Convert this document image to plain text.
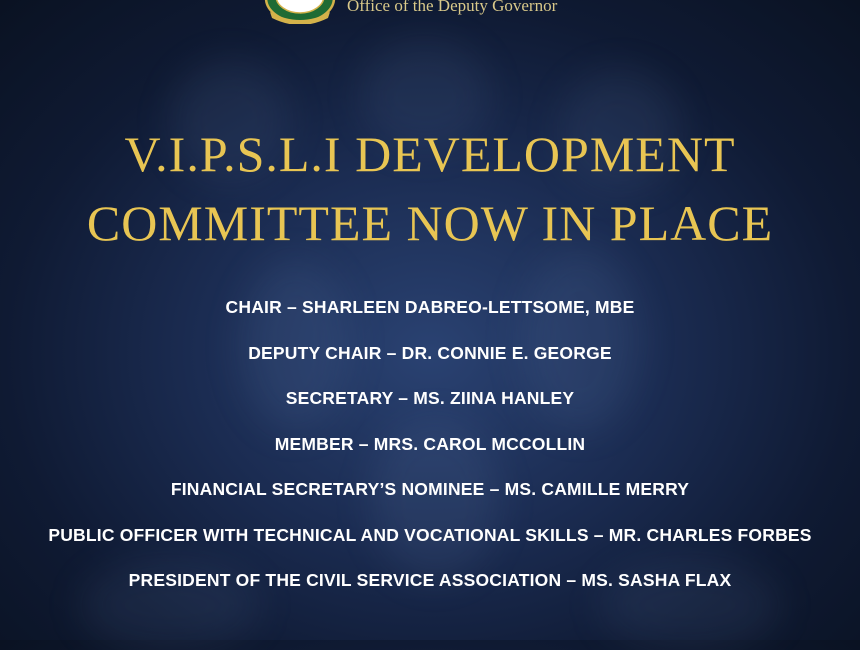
VIGILATE
Office of the Deputy Governor
V.I.P.S.L.I DEVELOPMENT
COMMITTEE NOW IN PLACE
CHAIR – SHARLEEN DABREO-LETTSOME, MBE
DEPUTY CHAIR – DR. CONNIE E. GEORGE
SECRETARY – MS. ZIINA HANLEY
MEMBER – MRS. CAROL MCCOLLIN
FINANCIAL SECRETARY’S NOMINEE – MS. CAMILLE MERRY
PUBLIC OFFICER WITH TECHNICAL AND VOCATIONAL SKILLS – MR. CHARLES FORBES
PRESIDENT OF THE CIVIL SERVICE ASSOCIATION – MS. SASHA FLAX
